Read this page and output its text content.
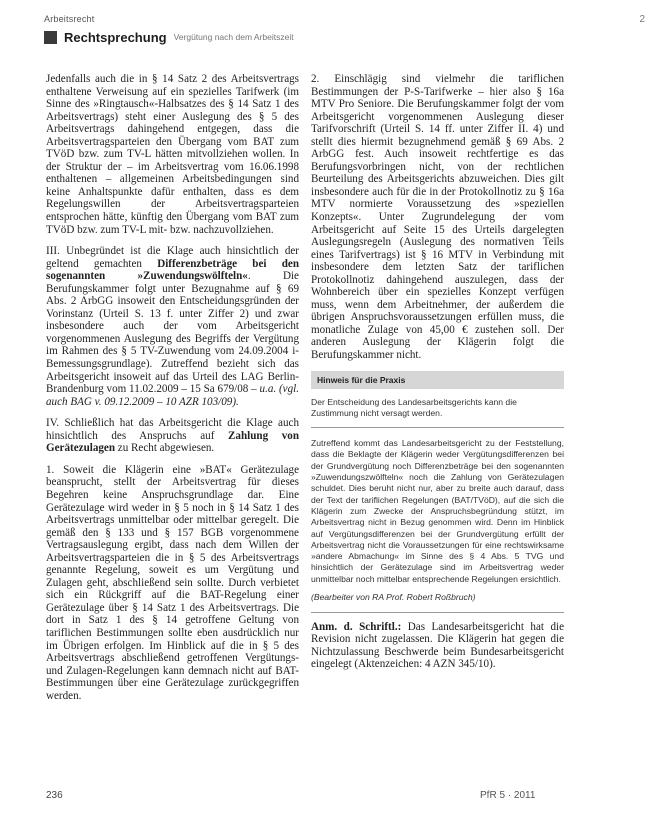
Arbeitsrecht	2
Rechtsprechung Vergütung nach dem Arbeitszeit

Jedenfalls auch die in § 14 Satz 2 des Arbeitsvertrags enthaltene Verweisung auf ein spezielles Tarifwerk (im Sinne des »Ringtausch«-Halbsatzes des § 14 Satz 1 des Arbeitsvertrags) steht einer Auslegung des § 5 des Arbeitsvertrags dahingehend entgegen, dass die Arbeitsvertragsparteien den Übergang vom BAT zum TVöD bzw. zum TV-L hätten mitvollziehen wollen. In der Struktur der – im Arbeitsvertrag vom 16.06.1998 enthaltenen – allgemeinen Arbeitsbedingungen sind keine Anhaltspunkte dafür enthalten, dass es dem Regelungswillen der Arbeitsvertragsparteien entsprochen hätte, künftig den Übergang vom BAT zum TVöD bzw. zum TV-L mit- bzw. nachzuvollziehen.

III. Unbegründet ist die Klage auch hinsichtlich der geltend gemachten Differenzbeträge bei den sogenannten »Zuwendungswölfteln«. Die Berufungskammer folgt unter Bezugnahme auf § 69 Abs. 2 ArbGG insoweit den Entscheidungsgründen der Vorinstanz (Urteil S. 13 f. unter Ziffer 2) und zwar insbesondere auch der vom Arbeitsgericht vorgenommenen Auslegung des Begriffs der Vergütung im Rahmen des § 5 TV-Zuwendung vom 24.09.2004 i-Bemessungsgrundlage). Zutreffend bezieht sich das Arbeitsgericht insoweit auf das Urteil des LAG Berlin-Brandenburg vom 11.02.2009 – 15 Sa 679/08 – u.a. (vgl. auch BAG v. 09.12.2009 – 10 AZR 103/09).

IV. Schließlich hat das Arbeitsgericht die Klage auch hinsichtlich des Anspruchs auf Zahlung von Gerätezulagen zu Recht abgewiesen.

1. Soweit die Klägerin eine »BAT« Gerätezulage beansprucht, stellt der Arbeitsvertrag für dieses Begehren keine Anspruchsgrundlage dar. Eine Gerätezulage wird weder in § 5 noch in § 14 Satz 1 des Arbeitsvertrags unmittelbar oder mittelbar geregelt. Die gemäß den § 133 und § 157 BGB vorgenommene Vertragsauslegung ergibt, dass nach dem Willen der Arbeitsvertragsparteien die in § 5 des Arbeitsvertrags genannte Regelung, soweit es um Vergütung und Zulagen geht, abschließend sein sollte. Durch verbietet sich ein Rückgriff auf die BAT-Regelung einer Gerätezulage über § 14 Satz 1 des Arbeitsvertrags. Die dort in Satz 1 des § 14 getroffene Geltung von tariflichen Bestimmungen sollte eben ausdrücklich nur im Übrigen erfolgen. Im Hinblick auf die in § 5 des Arbeitsvertrags abschließend getroffenen Vergütungs- und Zulagen-Regelungen kann demnach nicht auf BAT-Bestimmungen über eine Gerätezulage zurückgegriffen werden.

2. Einschlägig sind vielmehr die tariflichen Bestimmungen der P-S-Tarifwerke – hier also § 16a MTV Pro Seniore. Die Berufungskammer folgt der vom Arbeitsgericht vorgenommenen Auslegung dieser Tarifvorschrift (Urteil S. 14 ff. unter Ziffer II. 4) und stellt dies hiermit bezugnehmend gemäß § 69 Abs. 2 ArbGG fest. Auch insoweit rechtfertige es das Berufungsvorbringen nicht, von der rechtlichen Beurteilung des Arbeitsgerichts abzuweichen. Dies gilt insbesondere auch für die in der Protokollnotiz zu § 16a MTV normierte Voraussetzung des »speziellen Konzepts«. Unter Zugrundelegung der vom Arbeitsgericht auf Seite 15 des Urteils dargelegten Auslegungsregeln (Auslegung des normativen Teils eines Tarifvertrags) ist § 16 MTV in Verbindung mit insbesondere dem letzten Satz der tariflichen Protokollnotiz dahingehend auszulegen, dass der Wohnbereich über ein spezielles Konzept verfügen muss, wenn dem Arbeitnehmer, der außerdem die übrigen Anspruchsvoraussetzungen erfüllen muss, die monatliche Zulage von 45,00 € zustehen soll. Der anderen Auslegung der Klägerin folgt die Berufungskammer nicht.

Hinweis für die Praxis
Der Entscheidung des Landesarbeitsgerichts kann die Zustimmung nicht versagt werden.
Zutreffend kommt das Landesarbeitsgericht zu der Feststellung, dass die Beklagte der Klägerin weder Vergütungsdifferenzen bei der Grundvergütung noch Differenzbeträge bei den sogenannten »Zuwendungszwölfteln« noch die Zahlung von Gerätezulagen schuldet. Dies beruht nicht nur, aber zu breite auch darauf, dass der Text der tariflichen Regelungen (BAT/TVöD), auf die sich die Klägerin zum Zwecke der Anspruchsbegründung stützt, im Arbeitsvertrag nicht in Bezug genommen wird. Denn im Hinblick auf Vergütungsdifferenzen bei der Grundvergütung erfüllt der Arbeitsvertrag nicht die Voraussetzungen für eine rechtswirksame »andere Abmachung« im Sinne des § 4 Abs. 5 TVG und hinsichtlich der Gerätezulage sind im Arbeitsvertrag weder unmittelbar noch mittelbar entsprechende Regelungen ersichtlich.
(Bearbeiter von RA Prof. Robert Roßbruch)

Anm. d. Schriftl.: Das Landesarbeitsgericht hat die Revision nicht zugelassen. Die Klägerin hat gegen die Nichtzulassung Beschwerde beim Bundesarbeitsgericht eingelegt (Aktenzeichen: 4 AZN 345/10).

236	PfR 5 · 2011
